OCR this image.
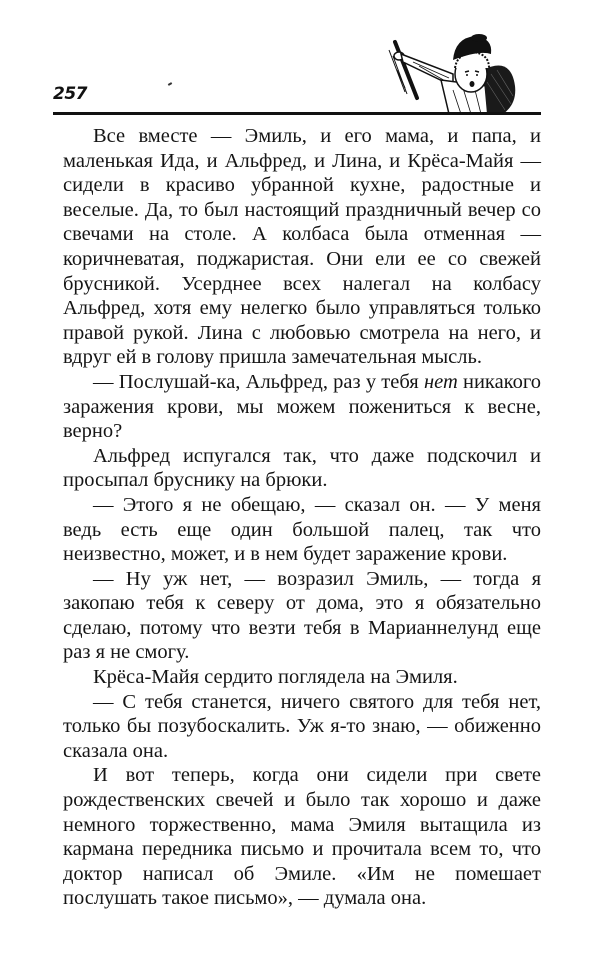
257

Все вместе — Эмиль, и его мама, и папа, и маленькая Ида, и Альфред, и Лина, и Крёса-Майя — сидели в красиво убранной кухне, радостные и веселые. Да, то был настоящий праздничный вечер со свечами на столе. А колбаса была отменная — коричневатая, поджаристая. Они ели ее со свежей брусникой. Усерднее всех налегал на колбасу Альфред, хотя ему нелегко было управляться только правой рукой. Лина с любовью смотрела на него, и вдруг ей в голову пришла замечательная мысль.

— Послушай-ка, Альфред, раз у тебя нет никакого заражения крови, мы можем пожениться к весне, верно?

Альфред испугался так, что даже подскочил и просыпал бруснику на брюки.

— Этого я не обещаю, — сказал он. — У меня ведь есть еще один большой палец, так что неизвестно, может, и в нем будет заражение крови.

— Ну уж нет, — возразил Эмиль, — тогда я закопаю тебя к северу от дома, это я обязательно сделаю, потому что везти тебя в Марианнелунд еще раз я не смогу.

Крёса-Майя сердито поглядела на Эмиля.

— С тебя станется, ничего святого для тебя нет, только бы позубоскалить. Уж я-то знаю, — обиженно сказала она.

И вот теперь, когда они сидели при свете рождественских свечей и было так хорошо и даже немного торжественно, мама Эмиля вытащила из кармана передника письмо и прочитала всем то, что доктор написал об Эмиле. «Им не помешает послушать такое письмо», — думала она.
